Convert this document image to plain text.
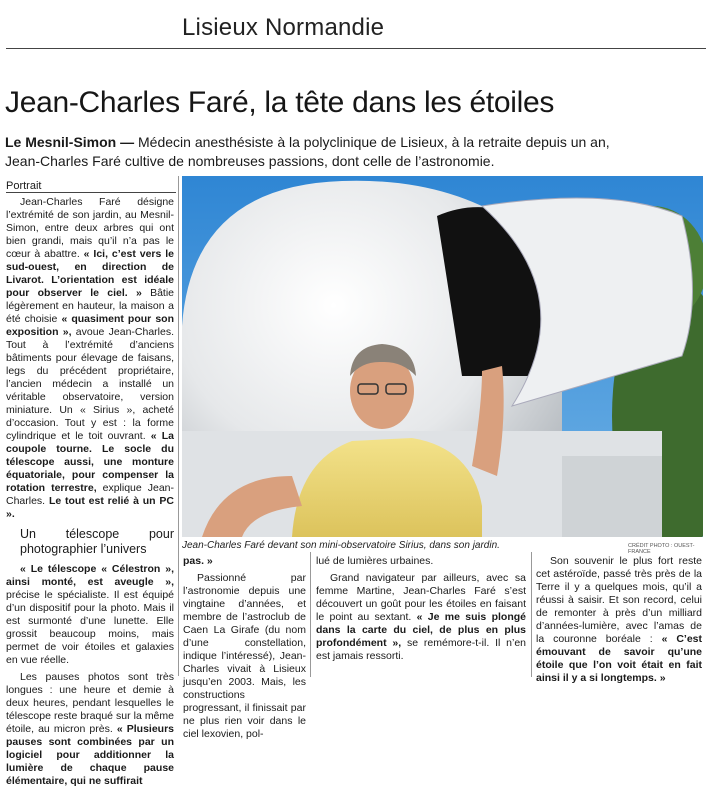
Lisieux Normandie
Jean-Charles Faré, la tête dans les étoiles
Le Mesnil-Simon — Médecin anesthésiste à la polyclinique de Lisieux, à la retraite depuis un an,
Jean-Charles Faré cultive de nombreuses passions, dont celle de l’astronomie.
Portrait

Jean-Charles Faré désigne l’extrémité de son jardin, au Mesnil-Simon, entre deux arbres qui ont bien grandi, mais qu’il n’a pas le cœur à abattre. « Ici, c’est vers le sud-ouest, en direction de Livarot. L’orientation est idéale pour observer le ciel. » Bâtie légèrement en hauteur, la maison a été choisie « quasiment pour son exposition », avoue Jean-Charles. Tout à l’extrémité d’anciens bâtiments pour élevage de faisans, legs du précédent propriétaire, l’ancien médecin a installé un véritable observatoire, version miniature. Un « Sirius », acheté d’occasion. Tout y est : la forme cylindrique et le toit ouvrant. « La coupole tourne. Le socle du télescope aussi, une monture équatoriale, pour compenser la rotation terrestre, explique Jean-Charles. Le tout est relié à un PC ».

Un télescope pour photographier l’univers

« Le télescope « Célestron », ainsi monté, est aveugle », précise le spécialiste. Il est équipé d’un dispositif pour la photo. Mais il est surmonté d’une lunette. Elle grossit beaucoup moins, mais permet de voir étoiles et galaxies en vue réelle.

Les pauses photos sont très longues : une heure et demie à deux heures, pendant lesquelles le télescope reste braqué sur la même étoile, au micron près. « Plusieurs pauses sont combinées par un logiciel pour additionner la lumière de chaque pause élémentaire, qui ne suffirait

Jean-Charles Faré devant son mini-observatoire Sirius, dans son jardin.	CRÉDIT PHOTO : OUEST-FRANCE

pas. »

Passionné par l’astronomie depuis une vingtaine d’années, et membre de l’astroclub de Caen La Girafe (du nom d’une constellation, indique l’intéressé), Jean-Charles vivait à Lisieux jusqu’en 2003. Mais, les constructions progressant, il finissait par ne plus rien voir dans le ciel lexovien, pol-

lué de lumières urbaines.

Grand navigateur par ailleurs, avec sa femme Martine, Jean-Charles Faré s’est découvert un goût pour les étoiles en faisant le point au sextant. « Je me suis plongé dans la carte du ciel, de plus en plus profondément », se remémore-t-il. Il n’en est jamais ressorti.

Son souvenir le plus fort reste cet astéroïde, passé très près de la Terre il y a quelques mois, qu’il a réussi à saisir. Et son record, celui de remonter à près d’un milliard d’années-lumière, avec l’amas de la couronne boréale : « C’est émouvant de savoir qu’une étoile que l’on voit était en fait ainsi il y a si longtemps. »
